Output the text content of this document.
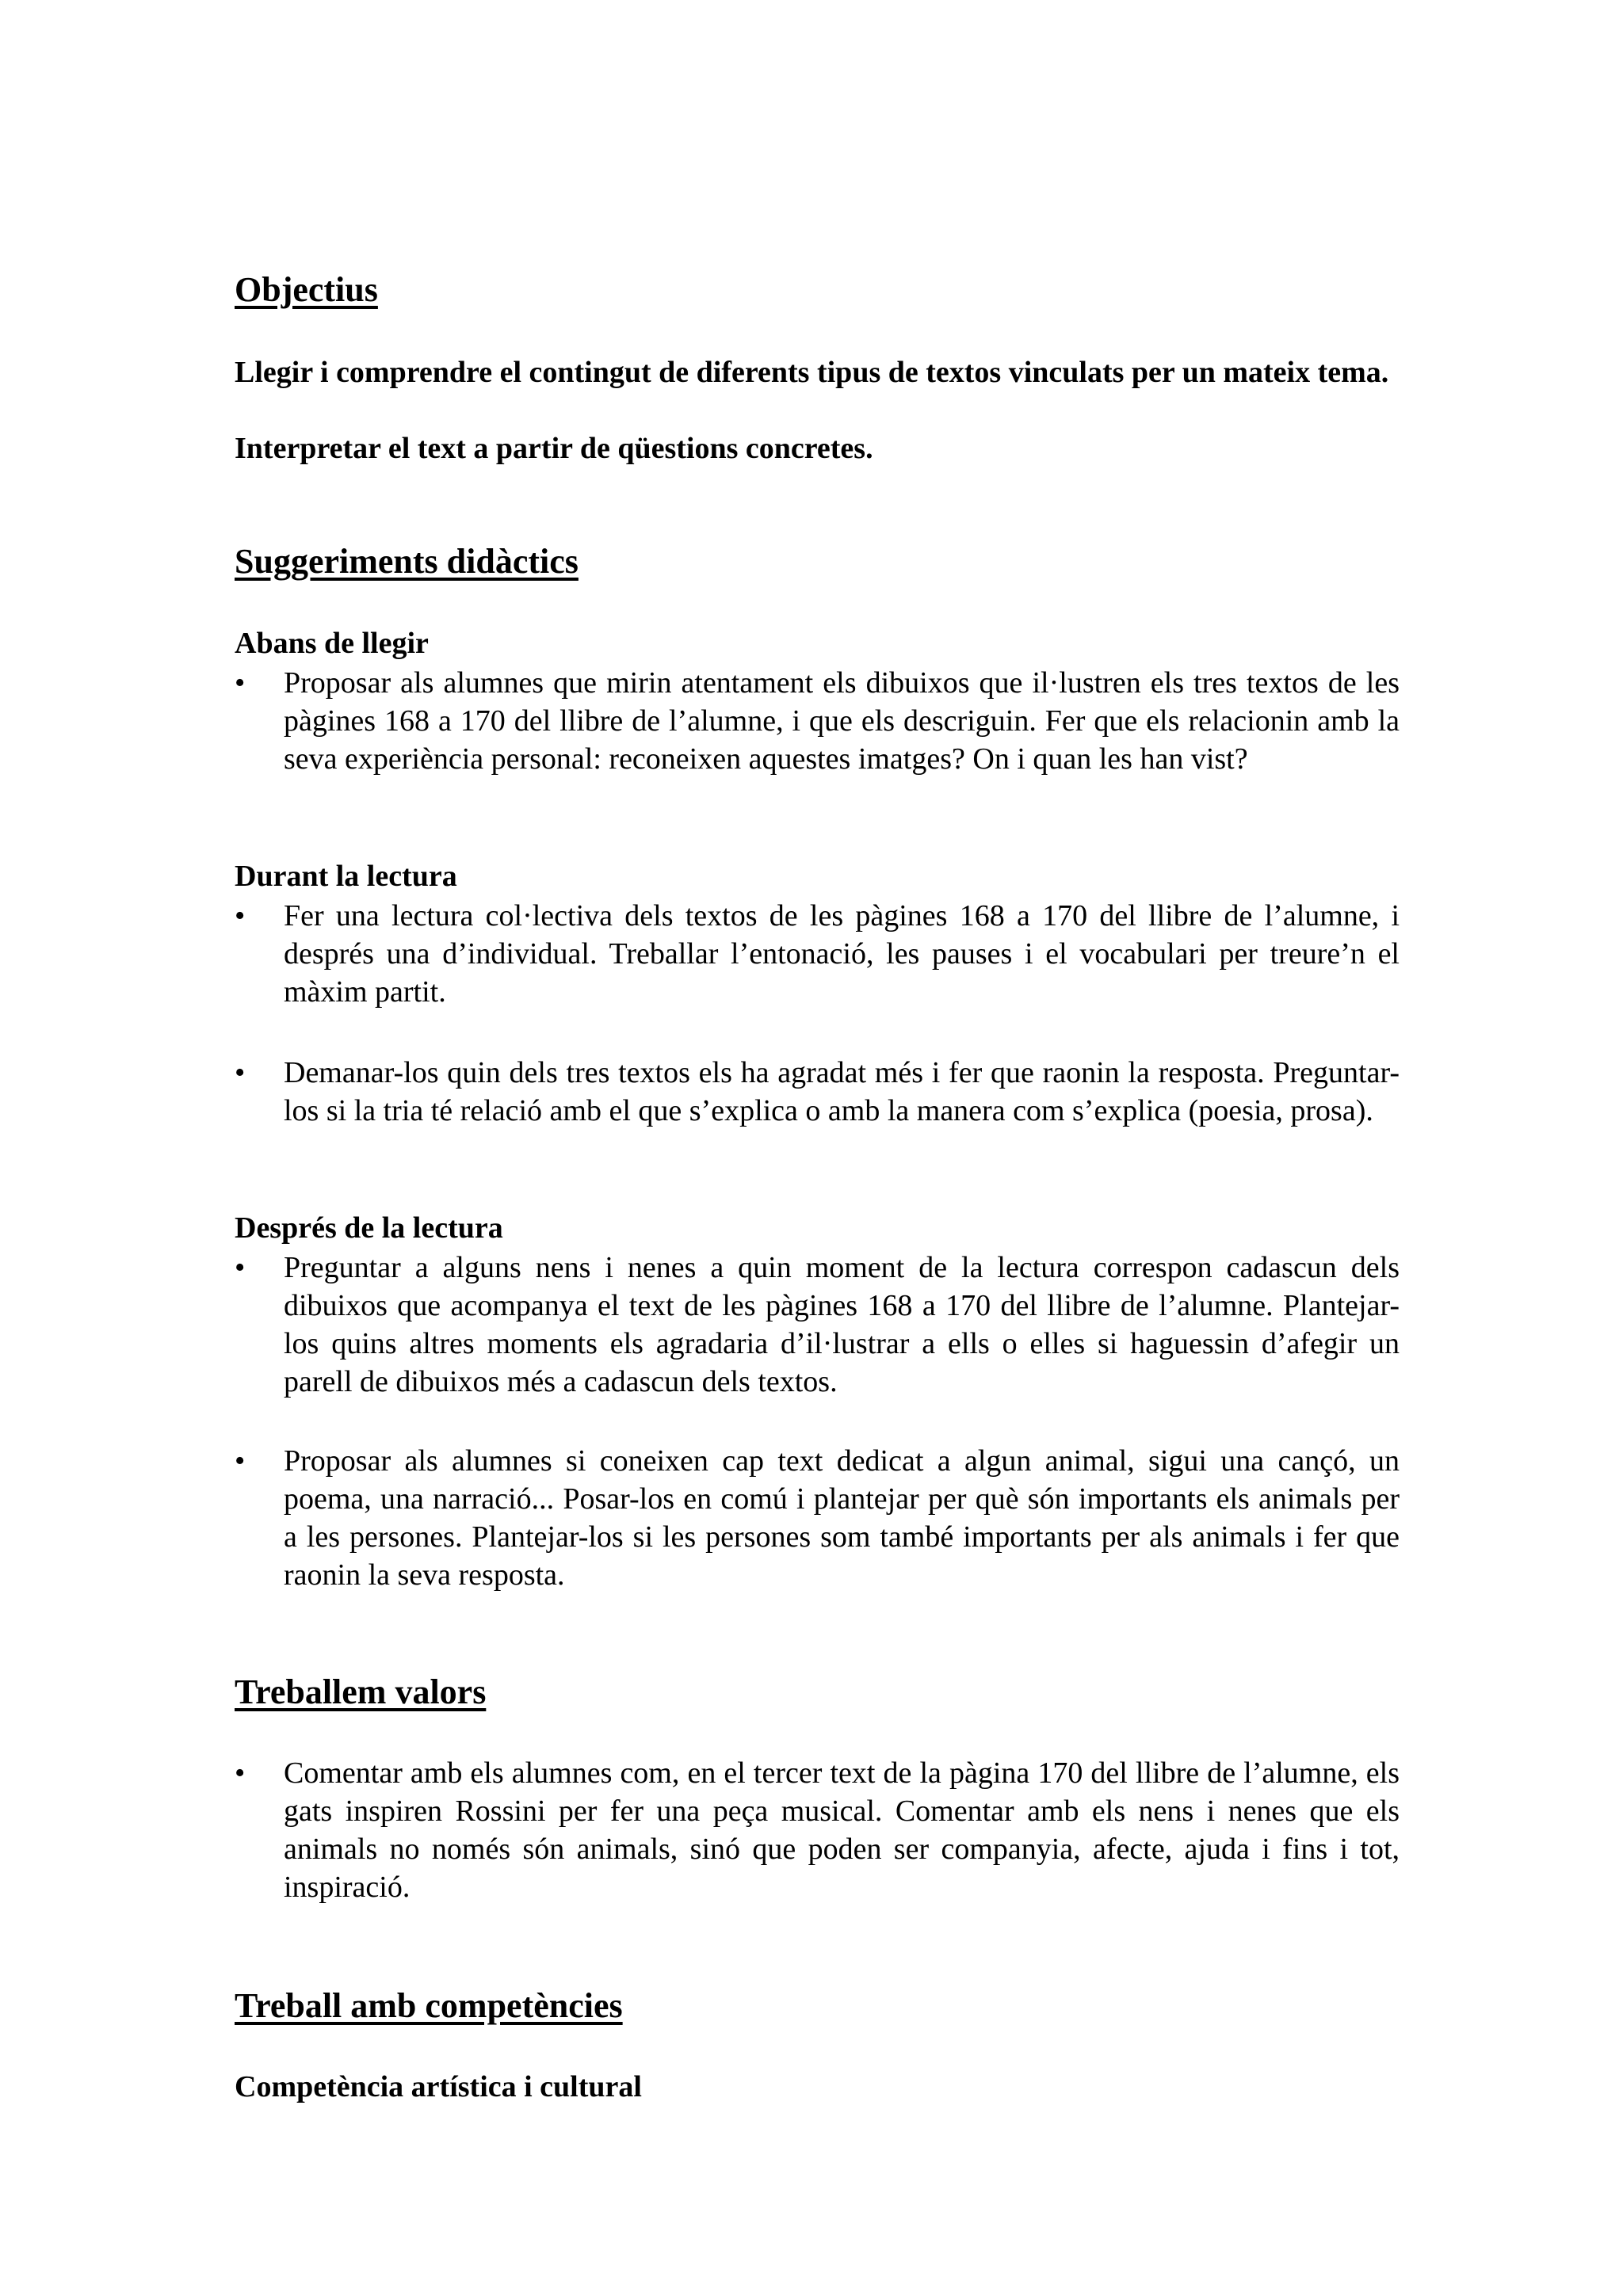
Objectius

Llegir i comprendre el contingut de diferents tipus de textos vinculats per un mateix tema.

Interpretar el text a partir de qüestions concretes.

Suggeriments didàctics
Abans de llegir
• Proposar als alumnes que mirin atentament els dibuixos que il·lustren els tres textos de les pàgines 168 a 170 del llibre de l’alumne, i que els descriguin. Fer que els relacionin amb la seva experiència personal: reconeixen aquestes imatges? On i quan les han vist?

Durant la lectura
• Fer una lectura col·lectiva dels textos de les pàgines 168 a 170 del llibre de l’alumne, i després una d’individual. Treballar l’entonació, les pauses i el vocabulari per treure’n el màxim partit.

• Demanar-los quin dels tres textos els ha agradat més i fer que raonin la resposta. Preguntar-los si la tria té relació amb el que s’explica o amb la manera com s’explica (poesia, prosa).

Després de la lectura
• Preguntar a alguns nens i nenes a quin moment de la lectura correspon cadascun dels dibuixos que acompanya el text de les pàgines 168 a 170 del llibre de l’alumne. Plantejar-los quins altres moments els agradaria d’il·lustrar a ells o elles si haguessin d’afegir un parell de dibuixos més a cadascun dels textos.

• Proposar als alumnes si coneixen cap text dedicat a algun animal, sigui una cançó, un poema, una narració... Posar-los en comú i plantejar per què són importants els animals per a les persones. Plantejar-los si les persones som també importants per als animals i fer que raonin la seva resposta.

Treballem valors
• Comentar amb els alumnes com, en el tercer text de la pàgina 170 del llibre de l’alumne, els gats inspiren Rossini per fer una peça musical. Comentar amb els nens i nenes que els animals no només són animals, sinó que poden ser companyia, afecte, ajuda i fins i tot, inspiració.

Treball amb competències
Competència artística i cultural
